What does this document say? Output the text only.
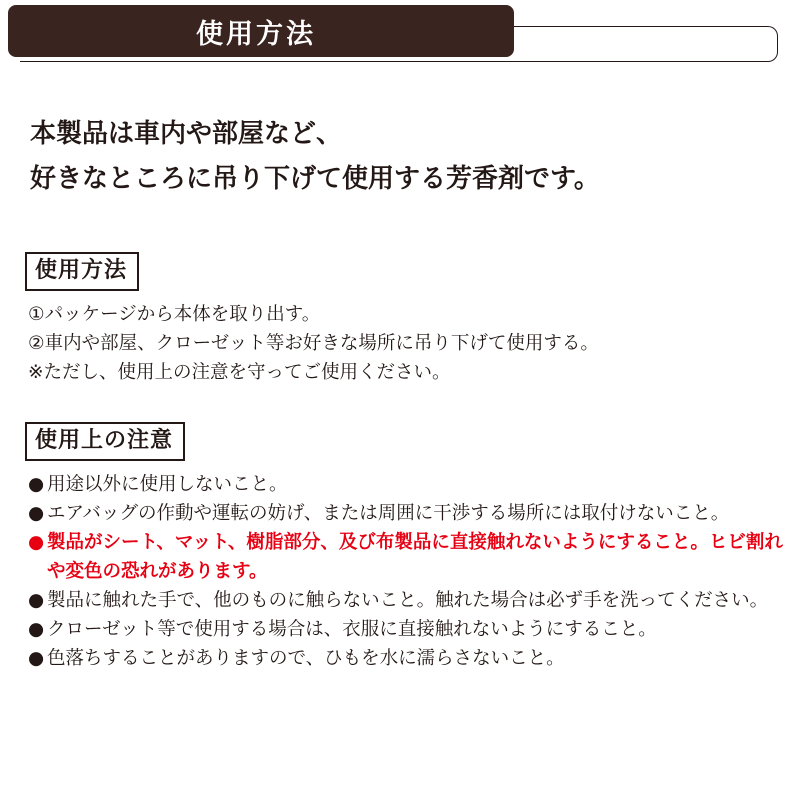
使用方法
本製品は車内や部屋など、
好きなところに吊り下げて使用する芳香剤です。
使用方法
①パッケージから本体を取り出す。
②車内や部屋、クローゼット等お好きな場所に吊り下げて使用する。
※ただし、使用上の注意を守ってご使用ください。
使用上の注意
● 用途以外に使用しないこと。
● エアバッグの作動や運転の妨げ、または周囲に干渉する場所には取付けないこと。
● 製品がシート、マット、樹脂部分、及び布製品に直接触れないようにすること。ヒビ割れや変色の恐れがあります。
● 製品に触れた手で、他のものに触らないこと。触れた場合は必ず手を洗ってください。
● クローゼット等で使用する場合は、衣服に直接触れないようにすること。
● 色落ちすることがありますので、ひもを水に濡らさないこと。
